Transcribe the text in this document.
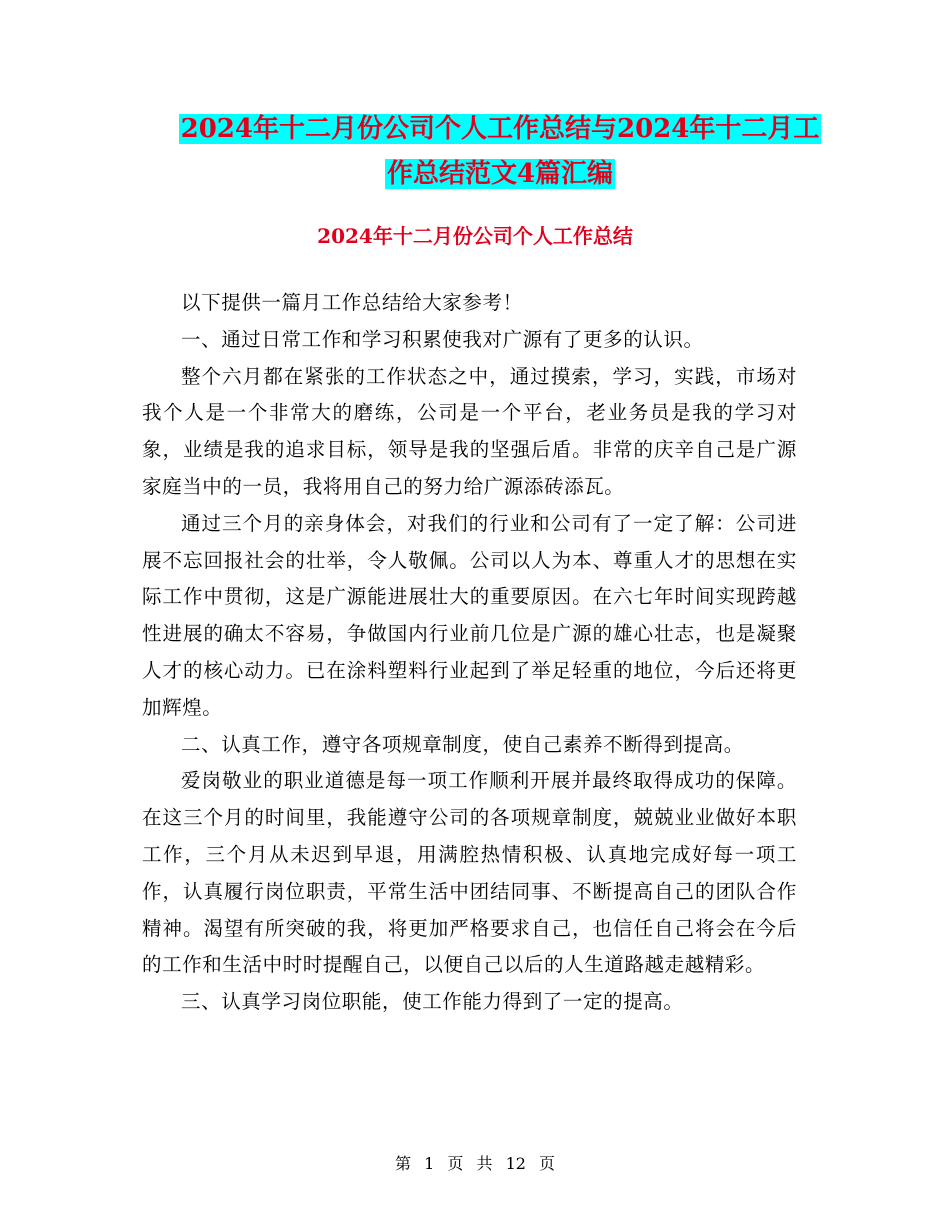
2024年十二月份公司个人工作总结与2024年十二月工
作总结范文4篇汇编
2024年十二月份公司个人工作总结

以下提供一篇月工作总结给大家参考！

一、通过日常工作和学习积累使我对广源有了更多的认识。

整个六月都在紧张的工作状态之中，通过摸索，学习，实践，市场对我个人是一个非常大的磨练，公司是一个平台，老业务员是我的学习对象，业绩是我的追求目标，领导是我的坚强后盾。非常的庆辛自己是广源家庭当中的一员，我将用自己的努力给广源添砖添瓦。

通过三个月的亲身体会，对我们的行业和公司有了一定了解：公司进展不忘回报社会的壮举，令人敬佩。公司以人为本、尊重人才的思想在实际工作中贯彻，这是广源能进展壮大的重要原因。在六七年时间实现跨越性进展的确太不容易，争做国内行业前几位是广源的雄心壮志，也是凝聚人才的核心动力。已在涂料塑料行业起到了举足轻重的地位，今后还将更加辉煌。

二、认真工作，遵守各项规章制度，使自己素养不断得到提高。

爱岗敬业的职业道德是每一项工作顺利开展并最终取得成功的保障。在这三个月的时间里，我能遵守公司的各项规章制度，兢兢业业做好本职工作，三个月从未迟到早退，用满腔热情积极、认真地完成好每一项工作，认真履行岗位职责，平常生活中团结同事、不断提高自己的团队合作精神。渴望有所突破的我，将更加严格要求自己，也信任自己将会在今后的工作和生活中时时提醒自己，以便自己以后的人生道路越走越精彩。

三、认真学习岗位职能，使工作能力得到了一定的提高。

第 1 页 共 12 页
